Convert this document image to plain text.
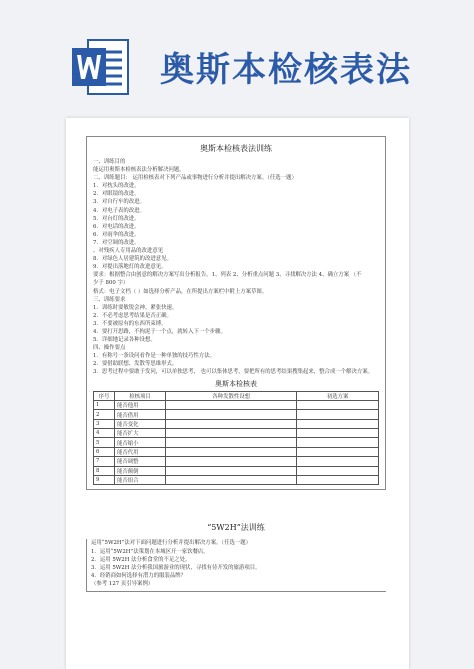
奥斯本检核表法

奥斯本检核表法训练
一、训练目的
能运用奥斯本检核表法分析解决问题。
二、训练题目： 运用检核表对下列产品或事物进行分析并提出解决方案。（任选一题）
1．对枕头的改进。
2．对眼镜的改进。
3．对自行车的改进。
4．对电子表的改进。
5．对台灯的改进。
6．对电话的改进。
6．对雨伞的改进。
7．对空调的改进。
、对残疾人专用品的改进意见
8．对绿色人居建筑的改进意见。
9．对提出落地灯的改进意见。
要求：根据整合由创意的解决方案写出分析报告。1、列表 2、分析重点问题 3、寻找解决方法 4、确立方案 （不
少于 800 字）
格式：电子文档（ ）如选择分析产品，在所提出方案栏中附上方案草图。
三、训练要求
1．训练时要敏锐会神、紧张快速。
2．不必考虑思考结果是否正确。
3．不要被原有的东西所束缚。
4．要打开思路，不拘泥于一个点，就转入下一个步骤。
5．详细地记录各种设想。
四、操作要点
1．有称号一条设问看作是一种单独的技巧性方法。
2．要借助联想、发散等思维形式。
3．思考过程中要敢于发问，可以单独思考， 也可以集体思考，要把所有的思考结果搜集起来，整合成一个解决方案。
奥斯本检核表
序号	检核项目	各种发散性设想	初选方案
1	能否他用		
2	能否借用		
3	能否变化		
4	能否扩大		
5	能否缩小		
6	能否代用		
7	能否调整		
8	能否颠倒		
9	能否组合		
“5W2H”法训练
运用“5W2H”法对下面问题进行分析并提出解决方案。（任选一题）
1．运用“5W2H”法策划在本城区开一家饮餐店。
2．运用 5W2H 法分析食堂的不足之处。
3．运用 5W2H 法分析我国旅游业的现状，寻找有待开发的旅游项目。
4．经销商如何选择有潜力的服装品牌？
（参考 127 页引导案例）
